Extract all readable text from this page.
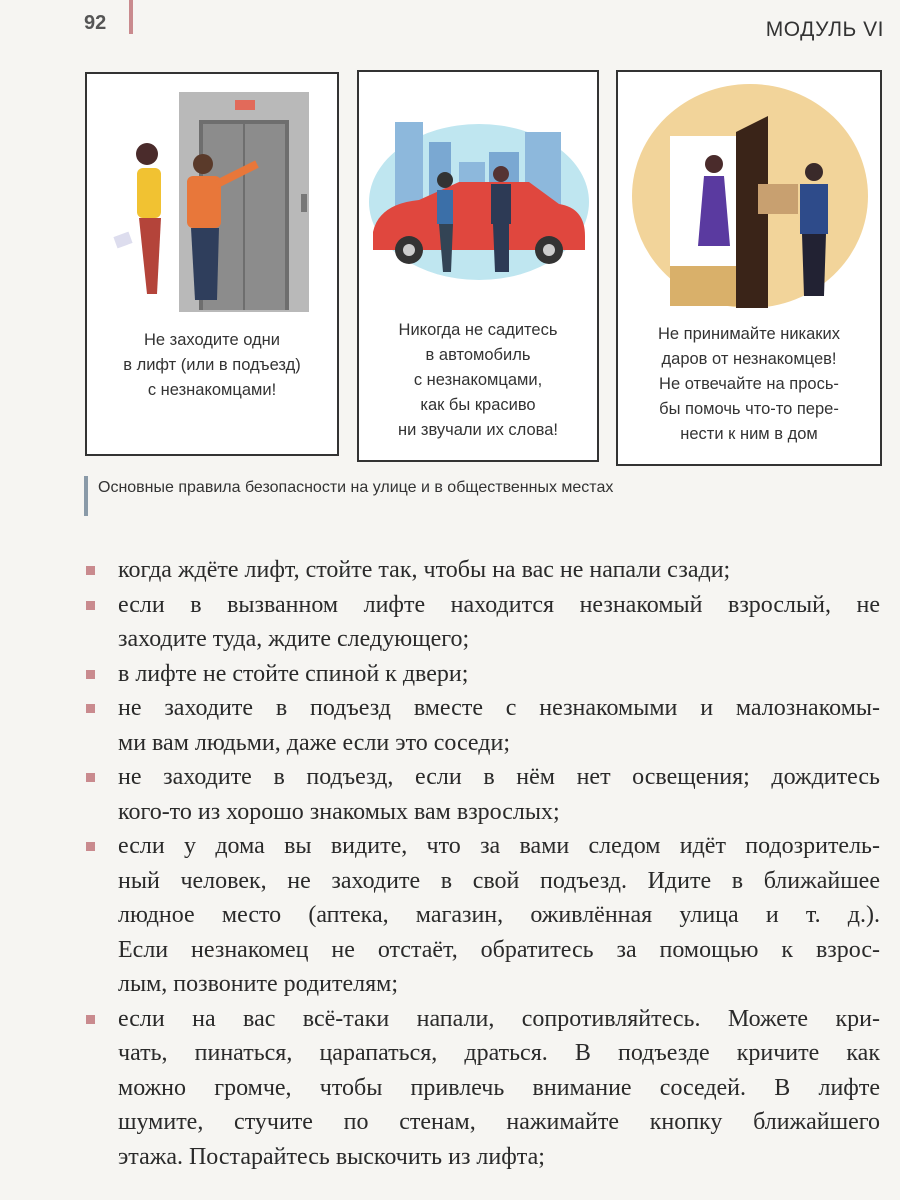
92	МОДУЛЬ VI
Не заходите одни
в лифт (или в подъезд)
с незнакомцами!
Никогда не садитесь
в автомобиль
с незнакомцами,
как бы красиво
ни звучали их слова!
Не принимайте никаких
даров от незнакомцев!
Не отвечайте на прось-
бы помочь что-то пере-
нести к ним в дом
Основные правила безопасности на улице и в общественных местах
когда ждёте лифт, стойте так, чтобы на вас не напали сзади;
если в вызванном лифте находится незнакомый взрослый, не
заходите туда, ждите следующего;
в лифте не стойте спиной к двери;
не заходите в подъезд вместе с незнакомыми и малознакомы-
ми вам людьми, даже если это соседи;
не заходите в подъезд, если в нём нет освещения; дождитесь
кого-то из хорошо знакомых вам взрослых;
если у дома вы видите, что за вами следом идёт подозритель-
ный человек, не заходите в свой подъезд. Идите в ближайшее
людное место (аптека, магазин, оживлённая улица и т. д.).
Если незнакомец не отстаёт, обратитесь за помощью к взрос-
лым, позвоните родителям;
если на вас всё-таки напали, сопротивляйтесь. Можете кри-
чать, пинаться, царапаться, драться. В подъезде кричите как
можно громче, чтобы привлечь внимание соседей. В лифте
шумите, стучите по стенам, нажимайте кнопку ближайшего
этажа. Постарайтесь выскочить из лифта;
